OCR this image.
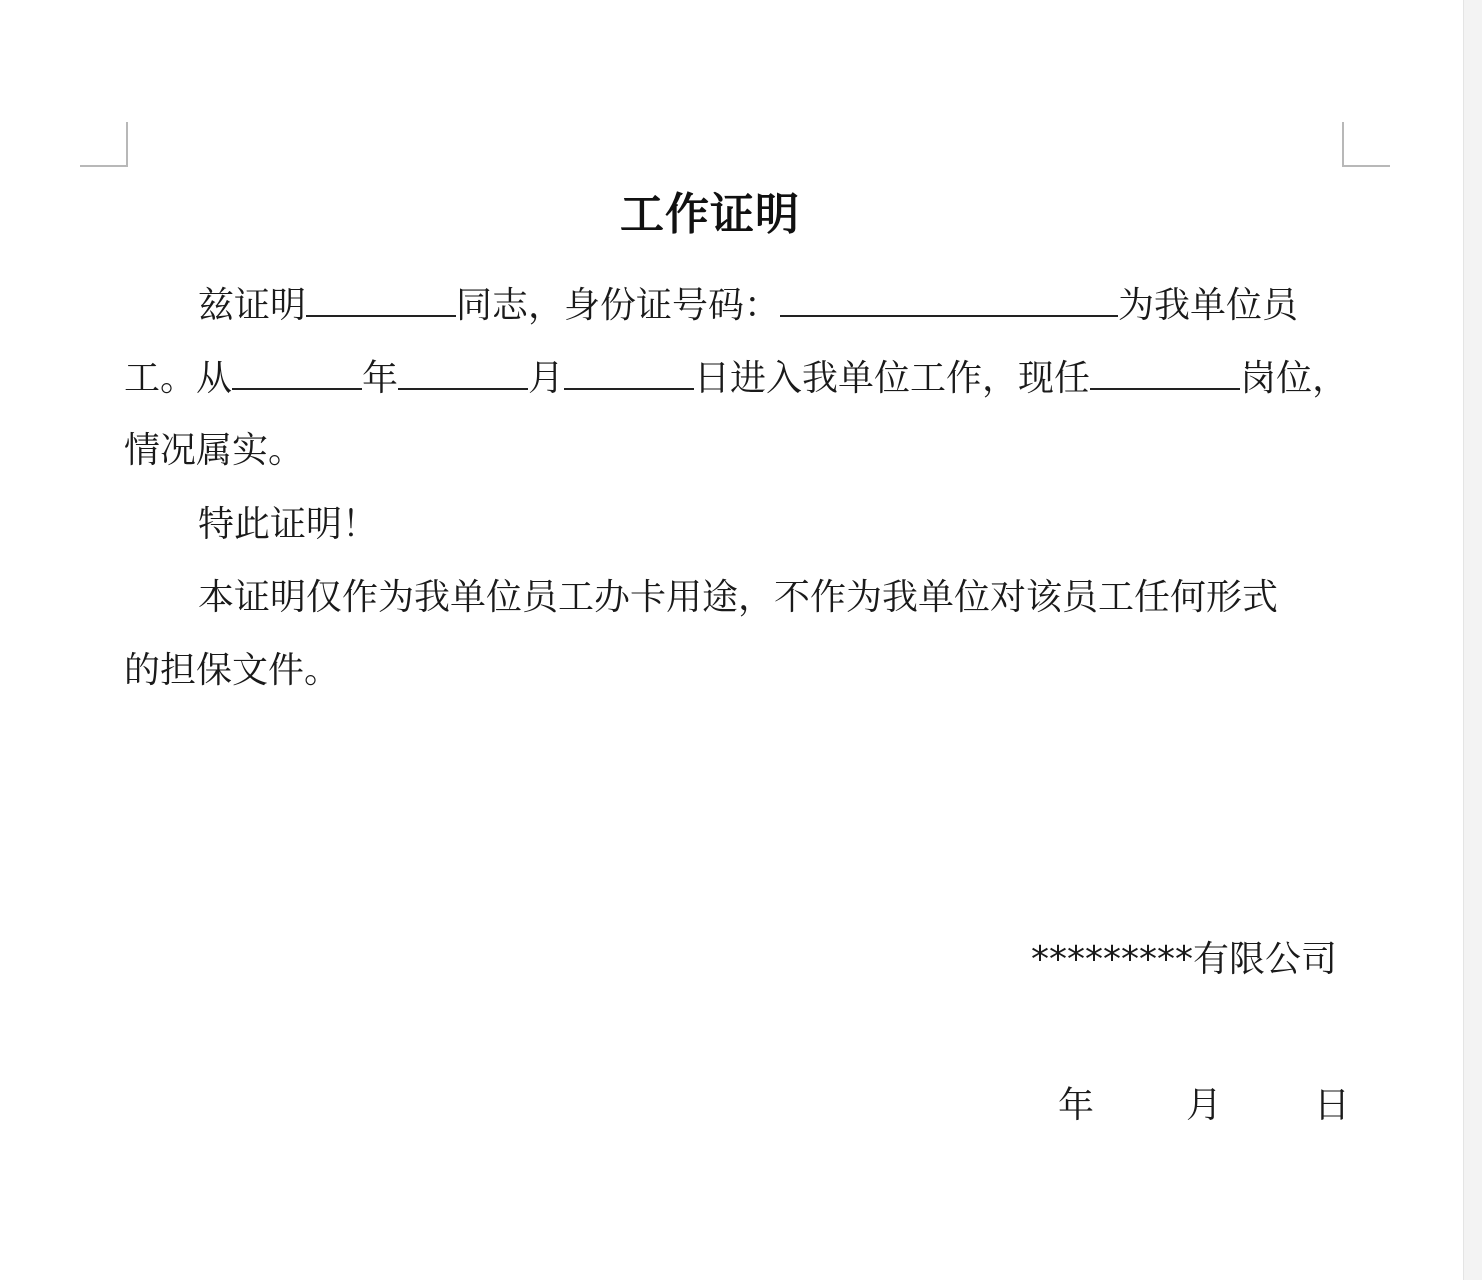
工作证明
兹证明	同志，身份证号码：	为我单位员
工。从	年	月	日进入我单位工作，现任	岗位，
情况属实。
特此证明！
本证明仅作为我单位员工办卡用途，不作为我单位对该员工任何形式
的担保文件。
*********有限公司
年	月	日
